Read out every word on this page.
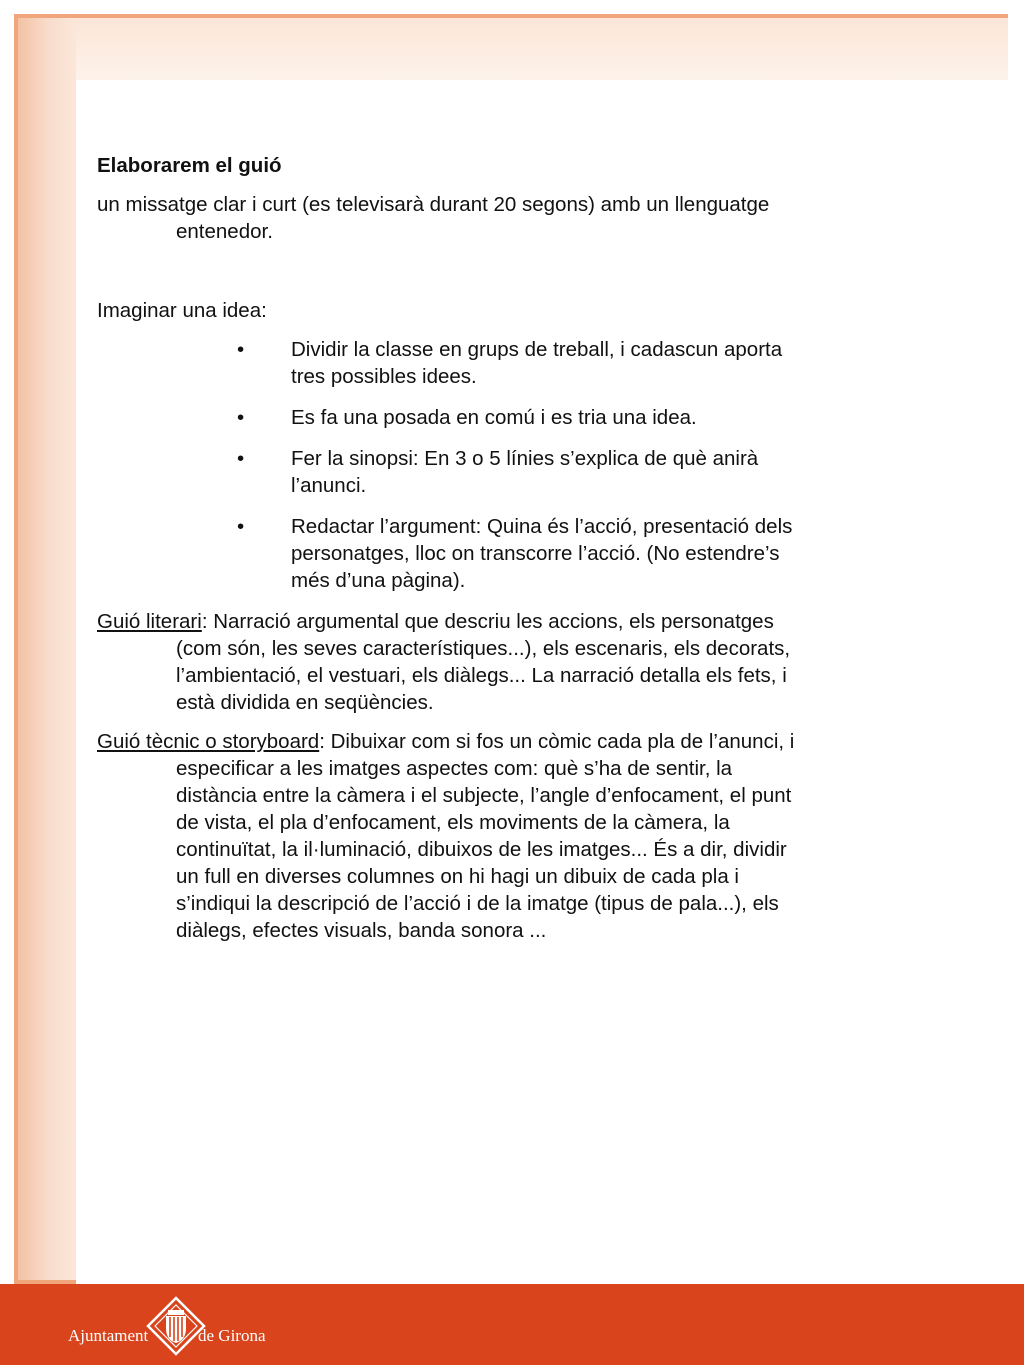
Elaborarem el guió

un missatge clar i curt (es televisarà durant 20 segons) amb un llenguatge entenedor.

Imaginar una idea:

• Dividir la classe en grups de treball, i cadascun aporta tres possibles idees.
• Es fa una posada en comú i es tria una idea.
• Fer la sinopsi: En 3 o 5 línies s’explica de què anirà l’anunci.
• Redactar l’argument: Quina és l’acció, presentació dels personatges, lloc on transcorre l’acció. (No estendre’s més d’una pàgina).

Guió literari: Narració argumental que descriu les accions, els personatges (com són, les seves característiques...), els escenaris, els decorats, l’ambientació, el vestuari, els diàlegs... La narració detalla els fets, i està dividida en seqüències.

Guió tècnic o storyboard: Dibuixar com si fos un còmic cada pla de l’anunci, i especificar a les imatges aspectes com: què s’ha de sentir, la distància entre la càmera i el subjecte, l’angle d’enfocament, el punt de vista, el pla d’enfocament, els moviments de la càmera, la continuïtat, la il·luminació, dibuixos de les imatges... És a dir, dividir un full en diverses columnes on hi hagi un dibuix de cada pla i s’indiqui la descripció de l’acció i de la imatge (tipus de pala...), els diàlegs, efectes visuals, banda sonora ...

Ajuntament	de Girona
